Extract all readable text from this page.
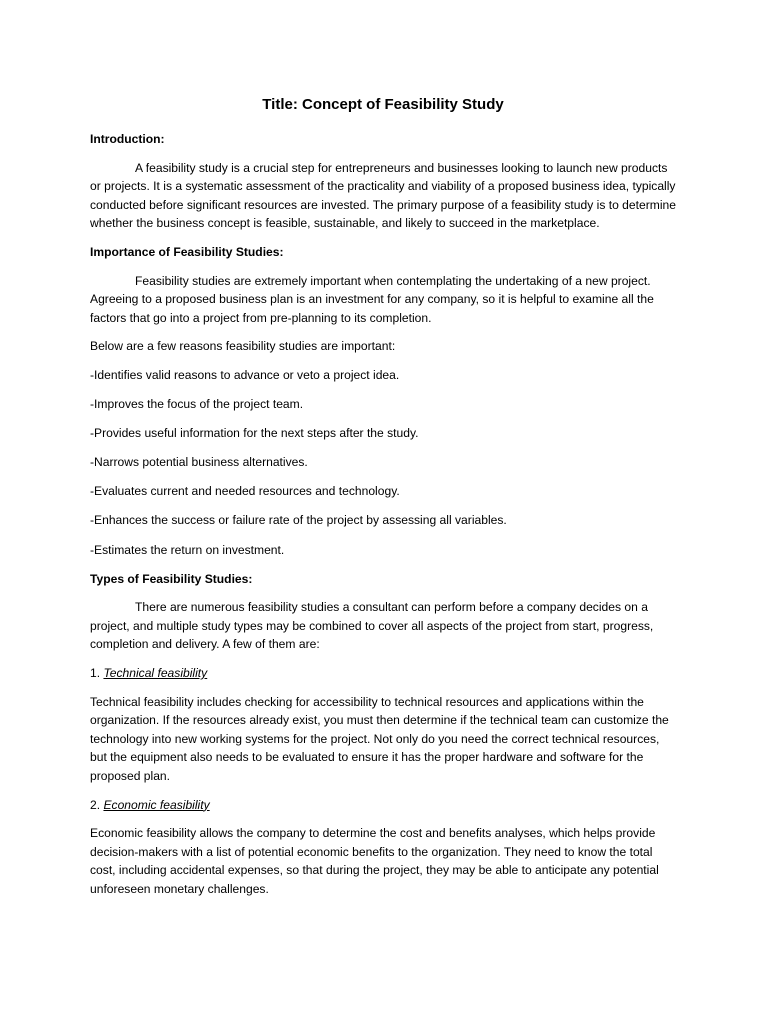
Title: Concept of Feasibility Study

Introduction:

A feasibility study is a crucial step for entrepreneurs and businesses looking to launch new products or projects. It is a systematic assessment of the practicality and viability of a proposed business idea, typically conducted before significant resources are invested. The primary purpose of a feasibility study is to determine whether the business concept is feasible, sustainable, and likely to succeed in the marketplace.

Importance of Feasibility Studies:

Feasibility studies are extremely important when contemplating the undertaking of a new project. Agreeing to a proposed business plan is an investment for any company, so it is helpful to examine all the factors that go into a project from pre-planning to its completion.

Below are a few reasons feasibility studies are important:

-Identifies valid reasons to advance or veto a project idea.

-Improves the focus of the project team.

-Provides useful information for the next steps after the study.

-Narrows potential business alternatives.

-Evaluates current and needed resources and technology.

-Enhances the success or failure rate of the project by assessing all variables.

-Estimates the return on investment.

Types of Feasibility Studies:

There are numerous feasibility studies a consultant can perform before a company decides on a project, and multiple study types may be combined to cover all aspects of the project from start, progress, completion and delivery. A few of them are:

1. Technical feasibility

Technical feasibility includes checking for accessibility to technical resources and applications within the organization. If the resources already exist, you must then determine if the technical team can customize the technology into new working systems for the project. Not only do you need the correct technical resources, but the equipment also needs to be evaluated to ensure it has the proper hardware and software for the proposed plan.

2. Economic feasibility

Economic feasibility allows the company to determine the cost and benefits analyses, which helps provide decision-makers with a list of potential economic benefits to the organization. They need to know the total cost, including accidental expenses, so that during the project, they may be able to anticipate any potential unforeseen monetary challenges.
